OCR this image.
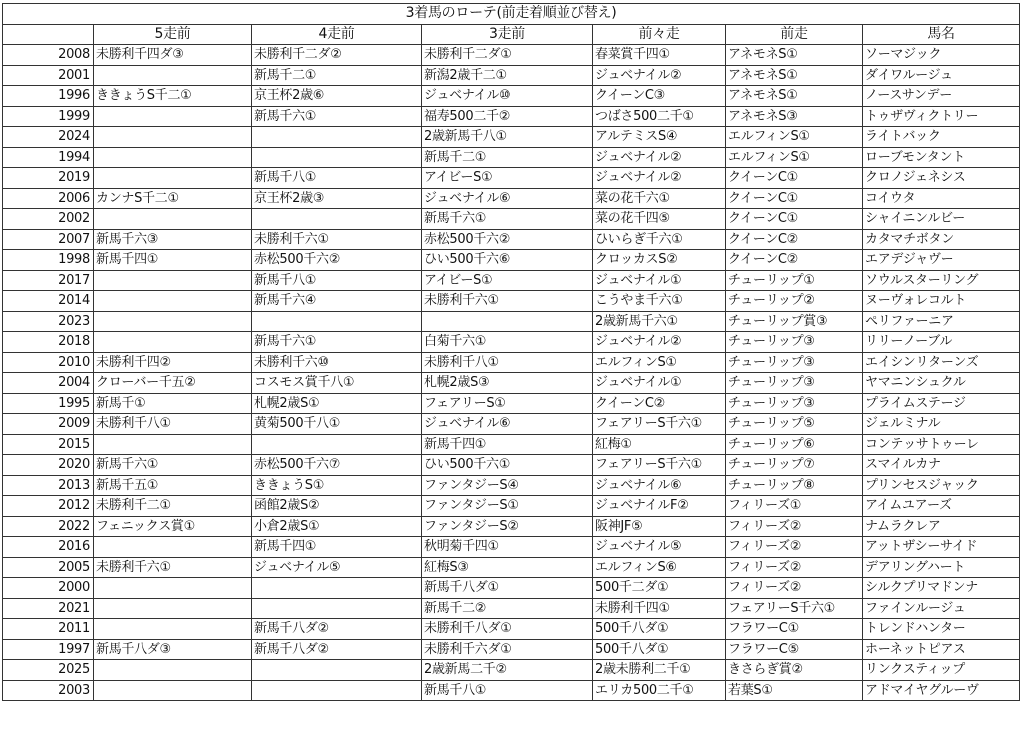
3着馬のローテ(前走着順並び替え)						
	5走前	4走前	3走前	前々走	前走	馬名
2008	未勝利千四ダ③	未勝利千二ダ②	未勝利千二ダ①	春菜賞千四①	アネモネS①	ソーマジック
2001		新馬千二①	新潟2歳千二①	ジュベナイル②	アネモネS①	ダイワルージュ
1996	ききょうS千二①	京王杯2歳⑥	ジュベナイル⑩	クイーンC③	アネモネS①	ノースサンデー
1999		新馬千六①	福寿500二千②	つばさ500二千①	アネモネS③	トゥザヴィクトリー
2024			2歳新馬千八①	アルテミスS④	エルフィンS①	ライトバック
1994			新馬千二①	ジュベナイル②	エルフィンS①	ローブモンタント
2019		新馬千八①	アイビーS①	ジュベナイル②	クイーンC①	クロノジェネシス
2006	カンナS千二①	京王杯2歳③	ジュベナイル⑥	菜の花千六①	クイーンC①	コイウタ
2002			新馬千六①	菜の花千四⑤	クイーンC①	シャイニンルビー
2007	新馬千六③	未勝利千六①	赤松500千六②	ひいらぎ千六①	クイーンC②	カタマチボタン
1998	新馬千四①	赤松500千六②	ひい500千六⑥	クロッカスS②	クイーンC②	エアデジャヴー
2017		新馬千八①	アイビーS①	ジュベナイル①	チューリップ①	ソウルスターリング
2014		新馬千六④	未勝利千六①	こうやま千六①	チューリップ②	ヌーヴォレコルト
2023				2歳新馬千六①	チューリップ賞③	ペリファーニア
2018		新馬千六①	白菊千六①	ジュベナイル②	チューリップ③	リリーノーブル
2010	未勝利千四②	未勝利千六⑩	未勝利千八①	エルフィンS①	チューリップ③	エイシンリターンズ
2004	クローバー千五②	コスモス賞千八①	札幌2歳S③	ジュベナイル①	チューリップ③	ヤマニンシュクル
1995	新馬千①	札幌2歳S①	フェアリーS①	クイーンC②	チューリップ③	プライムステージ
2009	未勝利千八①	黄菊500千八①	ジュベナイル⑥	フェアリーS千六①	チューリップ⑤	ジェルミナル
2015			新馬千四①	紅梅①	チューリップ⑥	コンテッサトゥーレ
2020	新馬千六①	赤松500千六⑦	ひい500千六①	フェアリーS千六①	チューリップ⑦	スマイルカナ
2013	新馬千五①	ききょうS①	ファンタジーS④	ジュベナイル⑥	チューリップ⑧	プリンセスジャック
2012	未勝利千二①	函館2歳S②	ファンタジーS①	ジュベナイルF②	フィリーズ①	アイムユアーズ
2022	フェニックス賞①	小倉2歳S①	ファンタジーS②	阪神JF⑤	フィリーズ②	ナムラクレア
2016		新馬千四①	秋明菊千四①	ジュベナイル⑤	フィリーズ②	アットザシーサイド
2005	未勝利千六①	ジュベナイル⑤	紅梅S③	エルフィンS⑥	フィリーズ②	デアリングハート
2000			新馬千八ダ①	500千二ダ①	フィリーズ②	シルクプリマドンナ
2021			新馬千二②	未勝利千四①	フェアリーS千六①	ファインルージュ
2011		新馬千八ダ②	未勝利千八ダ①	500千八ダ①	フラワーC①	トレンドハンター
1997	新馬千八ダ③	新馬千八ダ②	未勝利千六ダ①	500千八ダ①	フラワーC⑤	ホーネットピアス
2025			2歳新馬二千②	2歳未勝利二千①	きさらぎ賞②	リンクスティップ
2003			新馬千八①	エリカ500二千①	若葉S①	アドマイヤグルーヴ
